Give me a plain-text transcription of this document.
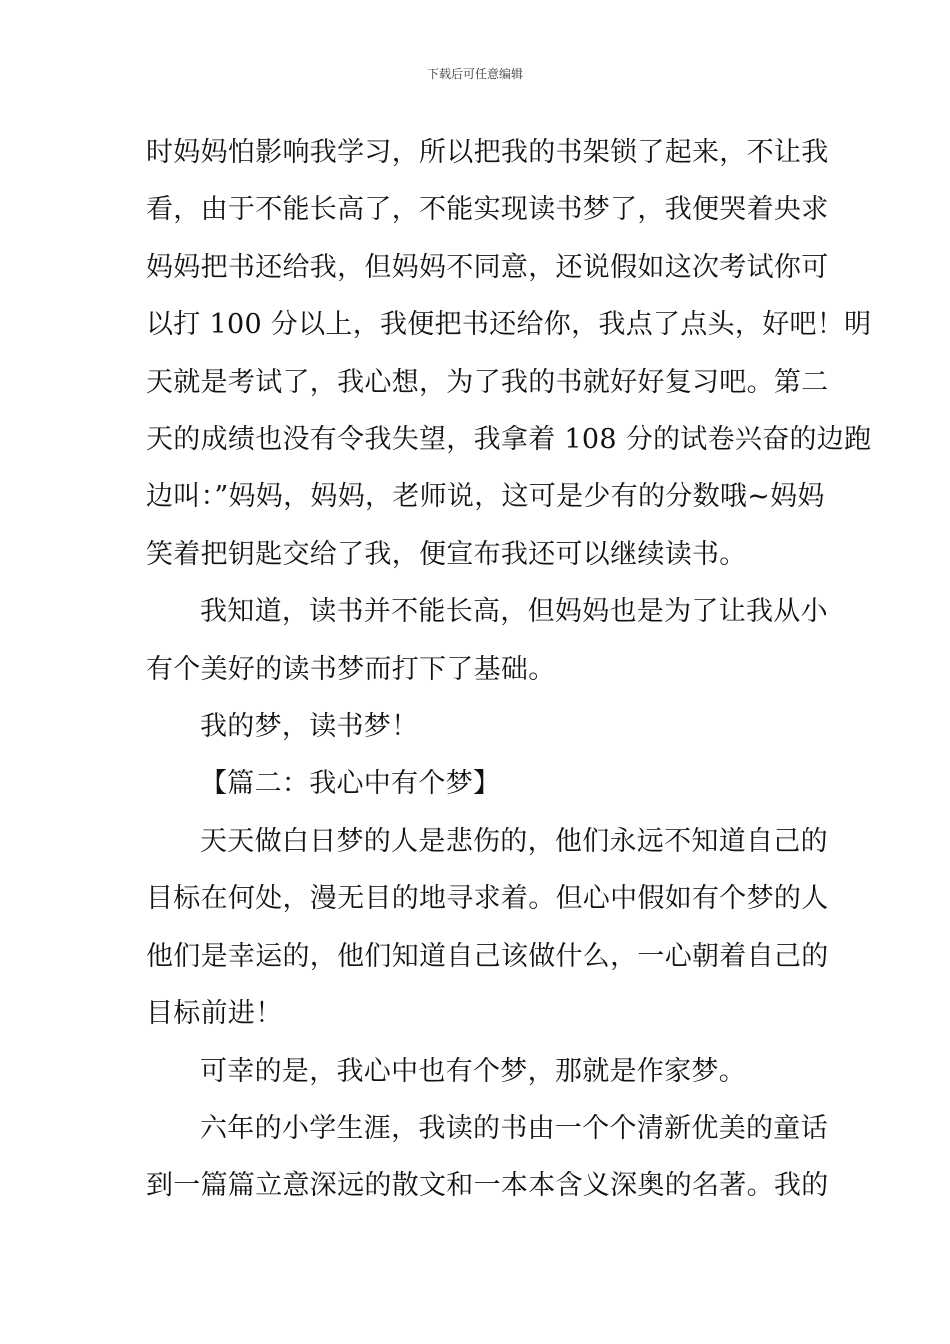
下载后可任意编辑

时妈妈怕影响我学习，所以把我的书架锁了起来，不让我
看，由于不能长高了，不能实现读书梦了，我便哭着央求
妈妈把书还给我，但妈妈不同意，还说假如这次考试你可
以打 100 分以上，我便把书还给你，我点了点头，好吧！明
天就是考试了，我心想，为了我的书就好好复习吧。第二
天的成绩也没有令我失望，我拿着 108 分的试卷兴奋的边跑
边叫：”妈妈，妈妈，老师说，这可是少有的分数哦~妈妈
笑着把钥匙交给了我，便宣布我还可以继续读书。

我知道，读书并不能长高，但妈妈也是为了让我从小
有个美好的读书梦而打下了基础。

我的梦，读书梦！

【篇二：我心中有个梦】

天天做白日梦的人是悲伤的，他们永远不知道自己的
目标在何处，漫无目的地寻求着。但心中假如有个梦的人
他们是幸运的，他们知道自己该做什么，一心朝着自己的
目标前进！

可幸的是，我心中也有个梦，那就是作家梦。

六年的小学生涯，我读的书由一个个清新优美的童话
到一篇篇立意深远的散文和一本本含义深奥的名著。我的
